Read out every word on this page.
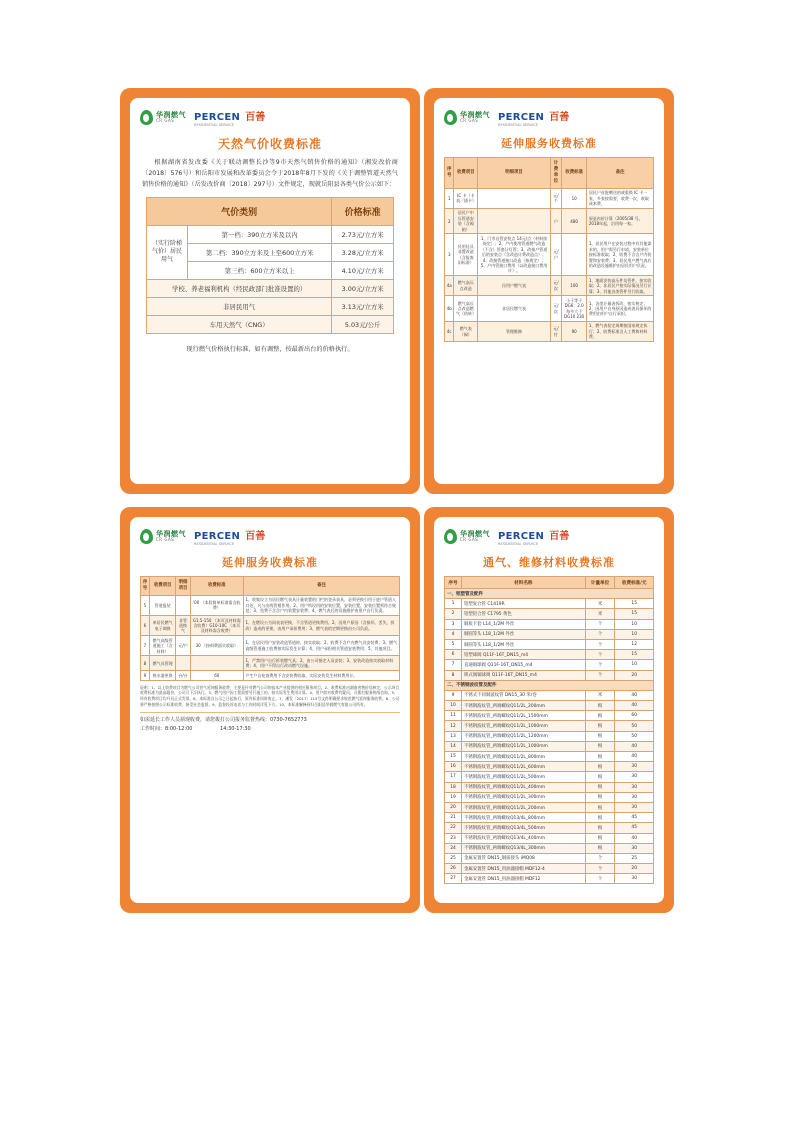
华润燃气
CR GAS	PERCEN 百善
RESIDENTIAL SERVICE
天然气价收费标准
根据湖南省发改委《关于联动调整长沙等9市天然气销售价格的通知》（湘发改价商〔2018〕576号）和岳阳市发展和改革委员会令于2018年8月下发的《关于调整管道天然气销售价格的通知》（岳发改价商〔2018〕297号）文件规定，现就岳阳县各类气价公示如下：
气价类别		价格标准
（实行阶梯气价）居民用气	第一档：390立方米及以内	2.73元/立方米
	第二档：390立方米及上至600立方米	3.28元/立方米
	第三档：600立方米以上	4.10元/立方米
学校、养老福利机构（经民政部门批准设置的）		3.00元/立方米
非居民用气		3.13元/立方米
车用天然气（CNG）		5.03元/公斤
现行燃气价格执行标准，如有调整，按最新出台的价格执行。
华润燃气
CR GAS	PERCEN 百善
RESIDENTIAL SERVICE
延伸服务收费标准
序号	收费项目	明细项目	计费单位	收费标准	备注
1	IC 卡（卡表／插卡）		元/个	10	居民户首批赠送的或重换 IC 卡一张，多张按需要，收费一次，收取成本费。
2	居民户中压管道安装（含阀箱）		户	480	原是冉价计算（2005/38 号，2018年起，沿用每一家。
3	民用灶具非置改造（含报废旧标准）	1、门市自管安装点 14元/点（材料按规定）；2、户内使用管道燃气改造（不含）管套计灯管；3、改接户管道后的安装点（含改造计费改造点）；4、改接管道接口改造（按规定）；5、户内管接口费用（以改造接口费用计）。	元/户		1、居民用户在安装过程中有其他需求的，用户需另行申请，安装单位按标准收取；2、收费不含含户内装置和安装费；3、居民用户燃气表后的改造设施维护由居民用户负责。
4a	燃气高压点改造	民用户燃气表	元/次	100	1、地面安装高压件及管件，按实收取；2、非居民户按实际情况另行计算；3、其他各类管件另行收取。
4b	燃气高压点改造燃气（结转）	非居民燃气表	元/次	小于等于DG6：2.0 每多大于DG10 230	1、各类计量表拆改，按实核定；2、因用户自身原因造成表具损坏的费用由用户自行承担。
4c	燃气表（阀）	管理维修	元/付	90	1、燃气表检定周期按国家规定执行；2、收费标准含人工费和材料费。
华润燃气
CR GAS	PERCEN 百善
RESIDENTIAL SERVICE
延伸服务收费标准
序号	收费项目	明细项目	收费标准	备注
5	管道报装		'00 （本段简单标准需含收费）	1、收集设立为居民燃气表具计量装置的门栏的登录表具，必须更换引用于进户管道入口处，凡与出线管相作用。2、用户所设用的安装位置、安装位置、安装位置须符合规范；3、免费不含含户内装置安装费；4、燃气表后的设施维护由用户自行负责。
6	单居民燃气电子调换	非管道换气	G1.5-150 （本页及材料需含收费）G10-10C （本页及材料需含收费）	1、在燃设公为同表表更换，不含管道更换费用。2、因用户原因（含损坏、丢失、拆改）造成的更换，由用户承担费用；3、燃气表的定期更换由公司负责。
7	燃气高级管道施工（含材料）	元/户	30 （按料费面实收取）	1、在居民用户安装改造管道时，按实收取；2、收费不含户内燃气具安装费；3、燃气高级管道施工收费按实际发生计算；4、用户承担相关管道安装费用；5、其他项目。
8	燃气具管理			1、严禁用户自行拆装燃气具；2、由公司指定人员安装；3、安装改造按实收取材料费；4、用户不得自行改动燃气设施。
9	热水器更换	台/台	60	产生户自检查费用不含安装费收取，实际安装发生材料费用计。
说明：1、以上收费项目为燃气公司营气延伸服务收费，主要是针对燃气公司的技术产业提供的相应服务项目。2、收费标准由湖南省物价局核定，公示项目收费标准为最高限价，公司可下浮执行。3、燃气用户因工程需要另行施工的，按实际发生费用计算。4、用户如对收费有疑问，可拨打服务热线咨询。5、所有收费项目均开具正式发票。6、本标准自公示之日起执行，原有标准同时废止。7、湘发〔2017〕115号文件明确要求规范燃气延伸服务收费。8、公司将严格按照公示标准收费，接受社会监督。9、监督投诉电话与工作时间详见下方。10、本标准解释权归岳阳县华润燃气有限公司所有。
如需延长工作人员须现收费，请您拨打公司报务监督热线：0730-7652773
工作时间：8:00-12:00	14:30-17:30
华润燃气
CR GAS	PERCEN 百善
RESIDENTIAL SERVICE
通气、维修材料收费标准
序号	材料名称	计量单位	收费标准/元
一、铝塑管及配件			
1	铝塑复合管 C1419R	米	15
2	铝塑铝合管 C1795 黄色	米	15
3	铜质卡套 L14_1/2M 外丝	个	10
4	铜圆等头 L18_1/2M 外丝	个	10
5	铜圆等头 L18_1/2M 外丝	个	12
6	铝塑球阀 Q11F-16T_DN15_m4	个	15
7	直通铜球阀 Q11F-16T_DN15_m4	个	10
8	锁式阀铜球阀 Q11F-16T_DN15_m4	个	20
二、不锈钢波纹管及配件			
9	不锈式不同铜波纹管 DN15_30 米/卷	米	40
10	不锈钢波纹管_两端螺纹Q11/2L_200mm	根	40
11	不锈钢波纹管_两端螺纹Q11/2L_1500mm	根	60
12	不锈钢波纹管_两端螺纹Q11/2L_1000mm	根	50
13	不锈钢波纹管_两端螺纹Q11/2L_1200mm	根	50
14	不锈钢波纹管_两端螺纹Q11/2L_1000mm	根	40
15	不锈钢波纹管_两端螺纹Q11/2L_800mm	根	40
16	不锈钢波纹管_两端螺纹Q11/2L_600mm	根	30
17	不锈钢波纹管_两端螺纹Q11/2L_500mm	根	30
18	不锈钢波纹管_两端螺纹Q11/2L_400mm	根	30
19	不锈钢波纹管_两端螺纹Q11/2L_300mm	根	30
20	不锈钢波纹管_两端螺纹Q11/2L_200mm	根	30
21	不锈钢波纹管_两端螺纹Q13/4L_800mm	根	45
22	不锈钢波纹管_两端螺纹Q13/4L_500mm	根	45
23	不锈钢波纹管_两端螺纹Q13/4L_400mm	根	40
24	不锈钢波纹管_两端螺纹Q13/4L_300mm	根	30
25	金属安置管 DN15_铜质接头 iMQ08	个	25
26	金属安置管 DN15_用油器接帽 MDF12-4	个	20
27	金属安置管 DN15_用油器接帽 MDF12	个	30
